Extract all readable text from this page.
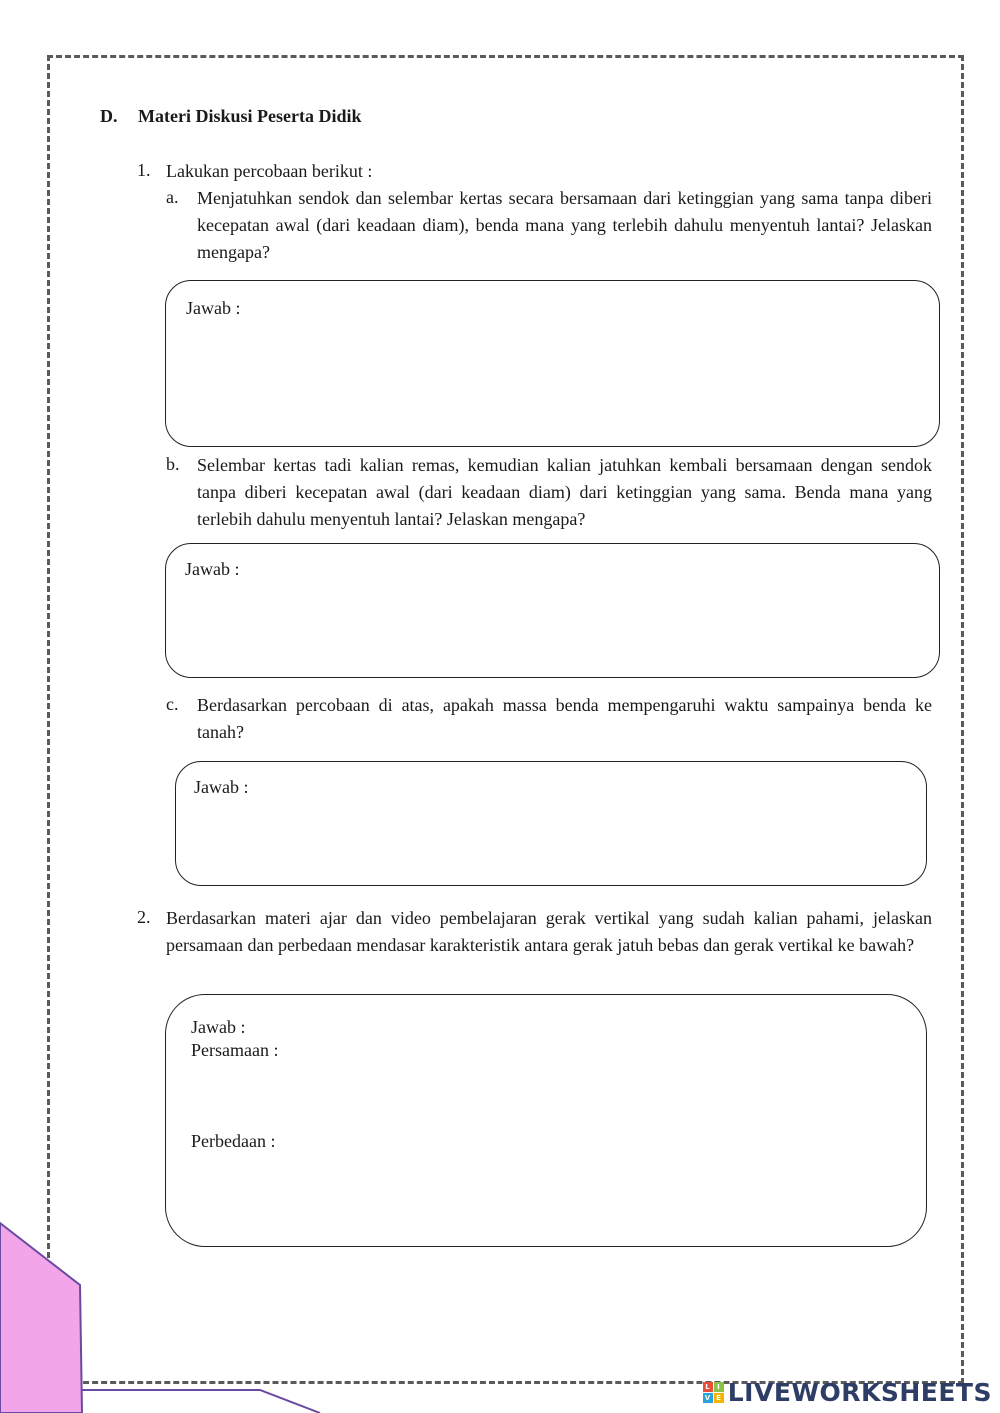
D. Materi Diskusi Peserta Didik
1. Lakukan percobaan berikut :
a. Menjatuhkan sendok dan selembar kertas secara bersamaan dari ketinggian yang sama tanpa diberi kecepatan awal (dari keadaan diam), benda mana yang terlebih dahulu menyentuh lantai? Jelaskan mengapa?
Jawab :
b. Selembar kertas tadi kalian remas, kemudian kalian jatuhkan kembali bersamaan dengan sendok tanpa diberi kecepatan awal (dari keadaan diam) dari ketinggian yang sama. Benda mana yang terlebih dahulu menyentuh lantai? Jelaskan mengapa?
Jawab :
c. Berdasarkan percobaan di atas, apakah massa benda mempengaruhi waktu sampainya benda ke tanah?
Jawab :
2. Berdasarkan materi ajar dan video pembelajaran gerak vertikal yang sudah kalian pahami, jelaskan persamaan dan perbedaan mendasar karakteristik antara gerak jatuh bebas dan gerak vertikal ke bawah?
Jawab :
Persamaan :
Perbedaan :
L I
V E LIVEWORKSHEETS
